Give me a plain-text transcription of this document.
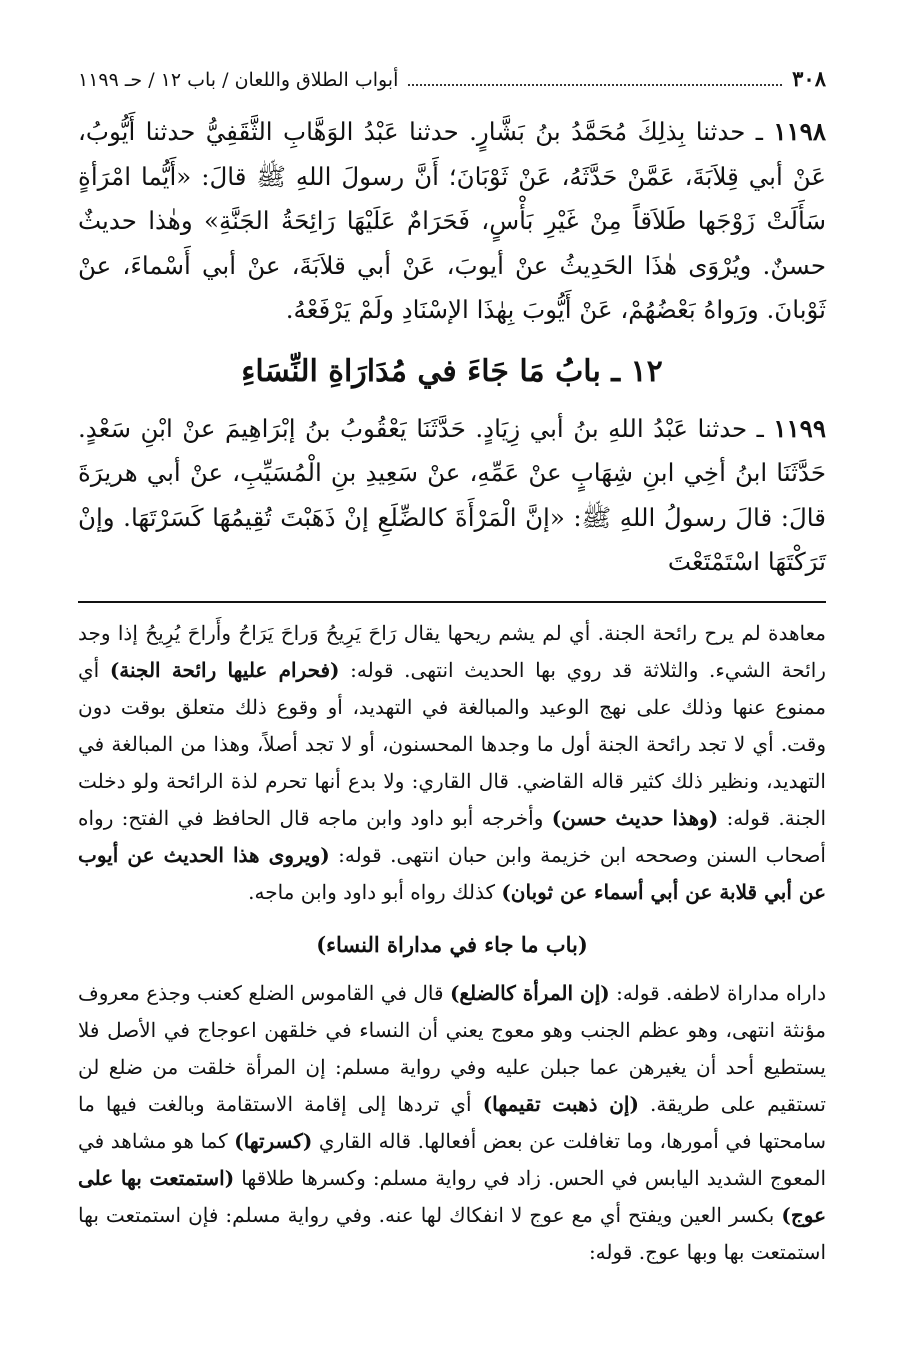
٣٠٨
أبواب الطلاق واللعان / باب ١٢ / حـ ١١٩٩

١١٩٨ ـ حدثنا بِذلِكَ مُحَمَّدُ بنُ بَشَّارٍ. حدثنا عَبْدُ الوَهَّابِ الثَّقَفِيُّ حدثنا أَيُّوبُ، عَنْ أبي قِلاَبَةَ، عَمَّنْ حَدَّثَهُ، عَنْ ثَوْبَانَ؛ أَنَّ رسولَ اللهِ ﷺ قالَ: «أَيُّما امْرَأةٍ سَأَلَتْ زَوْجَها طَلاَقاً مِنْ غَيْرِ بَأْسٍ، فَحَرَامٌ عَلَيْهَا رَائِحَةُ الجَنَّةِ» وهٰذا حديثٌ حسنٌ. ويُرْوَى هٰذَا الحَدِيثُ عنْ أيوبَ، عَنْ أبي قلاَبَةَ، عنْ أبي أَسْماءَ، عنْ ثَوْبانَ. ورَواهُ بَعْضُهُمْ، عَنْ أَيُّوبَ بِهٰذَا الإسْنَادِ ولَمْ يَرْفَعْهُ.

١٢ ـ بابُ مَا جَاءَ في مُدَارَاةِ النِّسَاءِ

١١٩٩ ـ حدثنا عَبْدُ اللهِ بنُ أبي زِيَادٍ. حَدَّثَنَا يَعْقُوبُ بنُ إبْرَاهِيمَ عنْ ابْنِ سَعْدٍ. حَدَّثَنَا ابنُ أخِي ابنِ شِهَابٍ عنْ عَمِّهِ، عنْ سَعِيدِ بنِ الْمُسَيِّبِ، عنْ أبي هريرَةَ قالَ: قالَ رسولُ اللهِ ﷺ: «إنَّ الْمَرْأَةَ كالضِّلَعِ إنْ ذَهَبْتَ تُقِيمُهَا كَسَرْتَهَا. وإنْ تَرَكْتَهَا اسْتَمْتَعْتَ

معاهدة لم يرح رائحة الجنة. أي لم يشم ريحها يقال رَاحَ يَرِيحُ وَراحَ يَرَاحُ وأَراحَ يُرِيحُ إذا وجد رائحة الشيء. والثلاثة قد روي بها الحديث انتهى. قوله: (فحرام عليها رائحة الجنة) أي ممنوع عنها وذلك على نهج الوعيد والمبالغة في التهديد، أو وقوع ذلك متعلق بوقت دون وقت. أي لا تجد رائحة الجنة أول ما وجدها المحسنون، أو لا تجد أصلاً، وهذا من المبالغة في التهديد، ونظير ذلك كثير قاله القاضي. قال القاري: ولا بدع أنها تحرم لذة الرائحة ولو دخلت الجنة. قوله: (وهذا حديث حسن) وأخرجه أبو داود وابن ماجه قال الحافظ في الفتح: رواه أصحاب السنن وصححه ابن خزيمة وابن حبان انتهى. قوله: (ويروى هذا الحديث عن أيوب عن أبي قلابة عن أبي أسماء عن ثوبان) كذلك رواه أبو داود وابن ماجه.

(باب ما جاء في مداراة النساء)

داراه مداراة لاطفه. قوله: (إن المرأة كالضلع) قال في القاموس الضلع كعنب وجذع معروف مؤنثة انتهى، وهو عظم الجنب وهو معوج يعني أن النساء في خلقهن اعوجاج في الأصل فلا يستطيع أحد أن يغيرهن عما جبلن عليه وفي رواية مسلم: إن المرأة خلقت من ضلع لن تستقيم على طريقة. (إن ذهبت تقيمها) أي تردها إلى إقامة الاستقامة وبالغت فيها ما سامحتها في أمورها، وما تغافلت عن بعض أفعالها. قاله القاري (كسرتها) كما هو مشاهد في المعوج الشديد اليابس في الحس. زاد في رواية مسلم: وكسرها طلاقها (استمتعت بها على عوج) بكسر العين ويفتح أي مع عوج لا انفكاك لها عنه. وفي رواية مسلم: فإن استمتعت بها استمتعت بها وبها عوج. قوله:
